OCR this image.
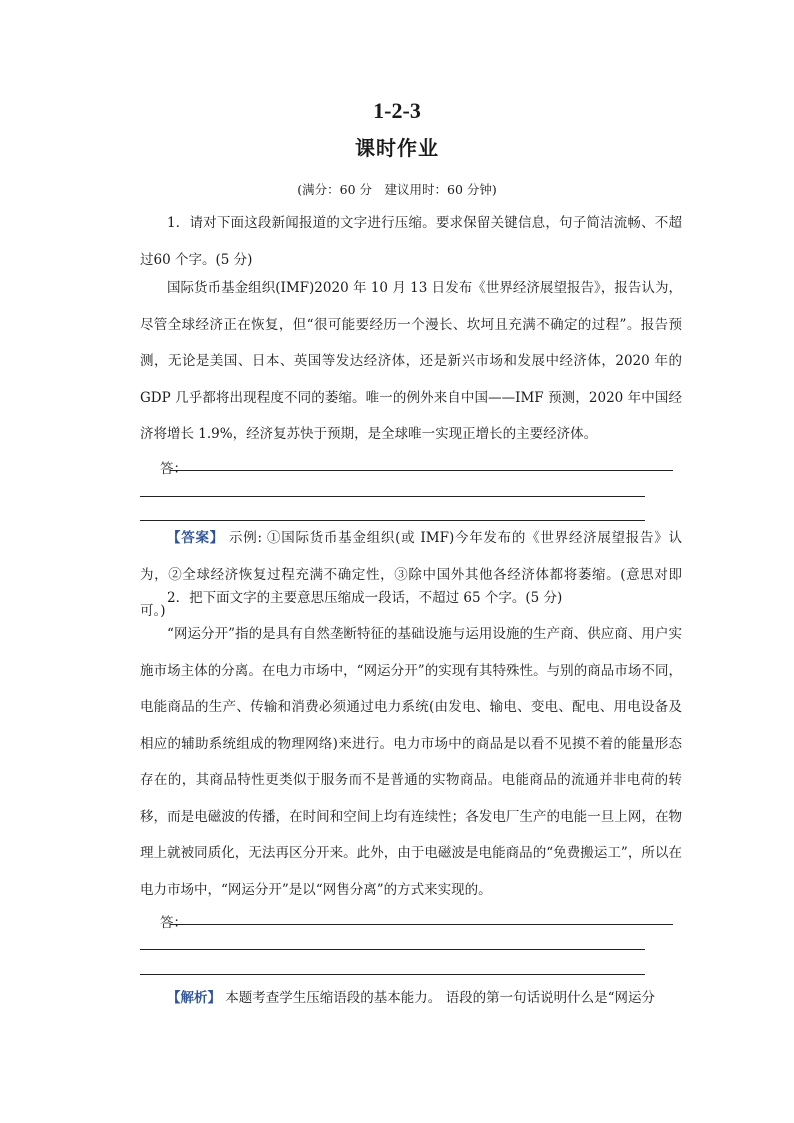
1-2-3
课时作业
(满分：60 分　建议用时：60 分钟)

1．请对下面这段新闻报道的文字进行压缩。要求保留关键信息，句子简洁流畅、不超过60 个字。(5 分)

国际货币基金组织(IMF)2020 年 10 月 13 日发布《世界经济展望报告》，报告认为，尽管全球经济正在恢复，但“很可能要经历一个漫长、坎坷且充满不确定的过程”。报告预测，无论是美国、日本、英国等发达经济体，还是新兴市场和发展中经济体，2020 年的 GDP 几乎都将出现程度不同的萎缩。唯一的例外来自中国——IMF 预测，2020 年中国经济将增长 1.9%，经济复苏快于预期，是全球唯一实现正增长的主要经济体。

答：

【答案】 示例: ①国际货币基金组织(或 IMF)今年发布的《世界经济展望报告》认为，②全球经济恢复过程充满不确定性，③除中国外其他各经济体都将萎缩。(意思对即可。)

2．把下面文字的主要意思压缩成一段话，不超过 65 个字。(5 分)

“网运分开”指的是具有自然垄断特征的基础设施与运用设施的生产商、供应商、用户实施市场主体的分离。在电力市场中，“网运分开”的实现有其特殊性。与别的商品市场不同，电能商品的生产、传输和消费必须通过电力系统(由发电、输电、变电、配电、用电设备及相应的辅助系统组成的物理网络)来进行。电力市场中的商品是以看不见摸不着的能量形态存在的，其商品特性更类似于服务而不是普通的实物商品。电能商品的流通并非电荷的转移，而是电磁波的传播，在时间和空间上均有连续性；各发电厂生产的电能一旦上网，在物理上就被同质化，无法再区分开来。此外，由于电磁波是电能商品的“免费搬运工”，所以在电力市场中，“网运分开”是以“网售分离”的方式来实现的。

答：

【解析】 本题考查学生压缩语段的基本能力。 语段的第一句话说明什么是“网运分
